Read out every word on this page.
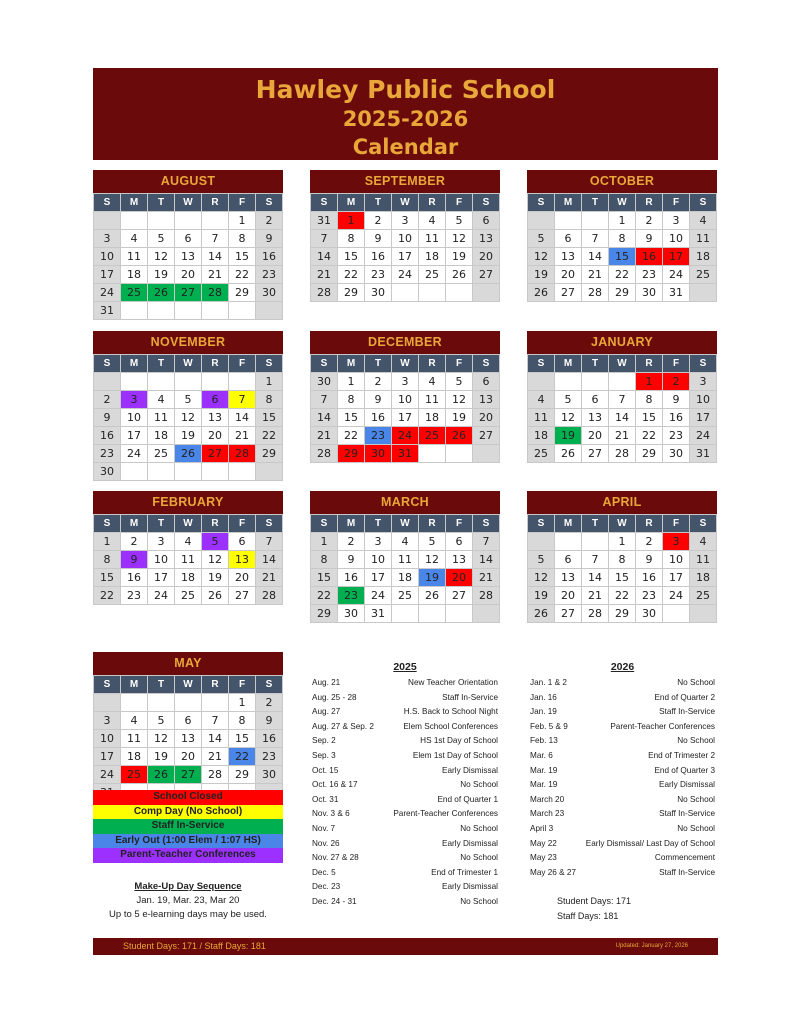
Hawley Public School
2025-2026
Calendar
AUGUST
S	M	T	W	R	F	S
					1	2
3	4	5	6	7	8	9
10	11	12	13	14	15	16
17	18	19	20	21	22	23
24	25	26	27	28	29	30
31						
SEPTEMBER
S	M	T	W	R	F	S
31	1	2	3	4	5	6
7	8	9	10	11	12	13
14	15	16	17	18	19	20
21	22	23	24	25	26	27
28	29	30				
OCTOBER
S	M	T	W	R	F	S
			1	2	3	4
5	6	7	8	9	10	11
12	13	14	15	16	17	18
19	20	21	22	23	24	25
26	27	28	29	30	31	
NOVEMBER
S	M	T	W	R	F	S
						1
2	3	4	5	6	7	8
9	10	11	12	13	14	15
16	17	18	19	20	21	22
23	24	25	26	27	28	29
30						
DECEMBER
S	M	T	W	R	F	S
30	1	2	3	4	5	6
7	8	9	10	11	12	13
14	15	16	17	18	19	20
21	22	23	24	25	26	27
28	29	30	31			
JANUARY
S	M	T	W	R	F	S
				1	2	3
4	5	6	7	8	9	10
11	12	13	14	15	16	17
18	19	20	21	22	23	24
25	26	27	28	29	30	31
FEBRUARY
S	M	T	W	R	F	S
1	2	3	4	5	6	7
8	9	10	11	12	13	14
15	16	17	18	19	20	21
22	23	24	25	26	27	28
MARCH
S	M	T	W	R	F	S
1	2	3	4	5	6	7
8	9	10	11	12	13	14
15	16	17	18	19	20	21
22	23	24	25	26	27	28
29	30	31				
APRIL
S	M	T	W	R	F	S
			1	2	3	4
5	6	7	8	9	10	11
12	13	14	15	16	17	18
19	20	21	22	23	24	25
26	27	28	29	30		
MAY
S	M	T	W	R	F	S
					1	2
3	4	5	6	7	8	9
10	11	12	13	14	15	16
17	18	19	20	21	22	23
24	25	26	27	28	29	30

School Closed
Comp Day (No School)
Staff In-Service
Early Out (1:00 Elem / 1:07 HS)
Parent-Teacher Conferences
Make-Up Day Sequence
Jan. 19, Mar. 23, Mar 20
Up to 5 e-learning days may be used.
2025
Aug. 21	New Teacher Orientation
Aug. 25 - 28	Staff In-Service
Aug. 27	H.S. Back to School Night
Aug. 27 & Sep. 2	Elem School Conferences
Sep. 2	HS 1st Day of School
Sep. 3	Elem 1st Day of School
Oct. 15	Early Dismissal
Oct. 16 & 17	No School
Oct. 31	End of Quarter 1
Nov. 3 & 6	Parent-Teacher Conferences
Nov. 7	No School
Nov. 26	Early Dismissal
Nov. 27 & 28	No School
Dec. 5	End of Trimester 1
Dec. 23	Early Dismissal
Dec. 24 - 31	No School
2026
Jan. 1 & 2	No School
Jan. 16	End of Quarter 2
Jan. 19	Staff In-Service
Feb. 5 & 9	Parent-Teacher Conferences
Feb. 13	No School
Mar. 6	End of Trimester 2
Mar. 19	End of Quarter 3
Mar. 19	Early Dismissal
March 20	No School
March 23	Staff In-Service
April 3	No School
May 22	Early Dismissal/ Last Day of School
May 23	Commencement
May 26 & 27	Staff In-Service
Student Days: 171
Staff Days: 181
Student Days: 171 / Staff Days: 181	Updated: January 27, 2026
